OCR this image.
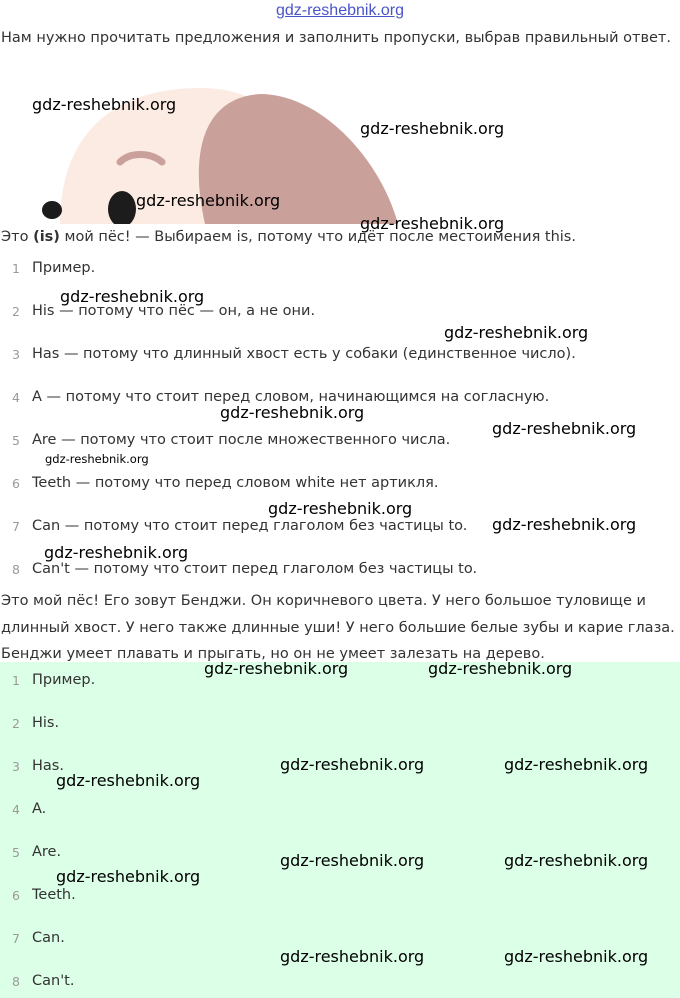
gdz-reshebnik.org
Нам нужно прочитать предложения и заполнить пропуски, выбрав правильный ответ.
Это (is) мой пёс! — Выбираем is, потому что идёт после местоимения this.
1 Пример.
2 His — потому что пёс — он, а не они.
3 Has — потому что длинный хвост есть у собаки (единственное число).
4 A — потому что стоит перед словом, начинающимся на согласную.
5 Are — потому что стоит после множественного числа.
6 Teeth — потому что перед словом white нет артикля.
7 Can — потому что стоит перед глаголом без частицы to.
8 Can't — потому что стоит перед глаголом без частицы to.
Это мой пёс! Его зовут Бенджи. Он коричневого цвета. У него большое туловище и длинный хвост. У него также длинные уши! У него большие белые зубы и карие глаза. Бенджи умеет плавать и прыгать, но он не умеет залезать на дерево.
1 Пример.
2 His.
3 Has.
4 A.
5 Are.
6 Teeth.
7 Can.
8 Can't.
gdz-reshebnik.org
gdz-reshebnik.org
gdz-reshebnik.org
gdz-reshebnik.org
gdz-reshebnik.org
gdz-reshebnik.org
gdz-reshebnik.org
gdz-reshebnik.org
gdz-reshebnik.org
gdz-reshebnik.org
gdz-reshebnik.org
gdz-reshebnik.org
gdz-reshebnik.org	gdz-reshebnik.org
gdz-reshebnik.org	gdz-reshebnik.org
gdz-reshebnik.org
gdz-reshebnik.org	gdz-reshebnik.org
gdz-reshebnik.org
gdz-reshebnik.org	gdz-reshebnik.org
